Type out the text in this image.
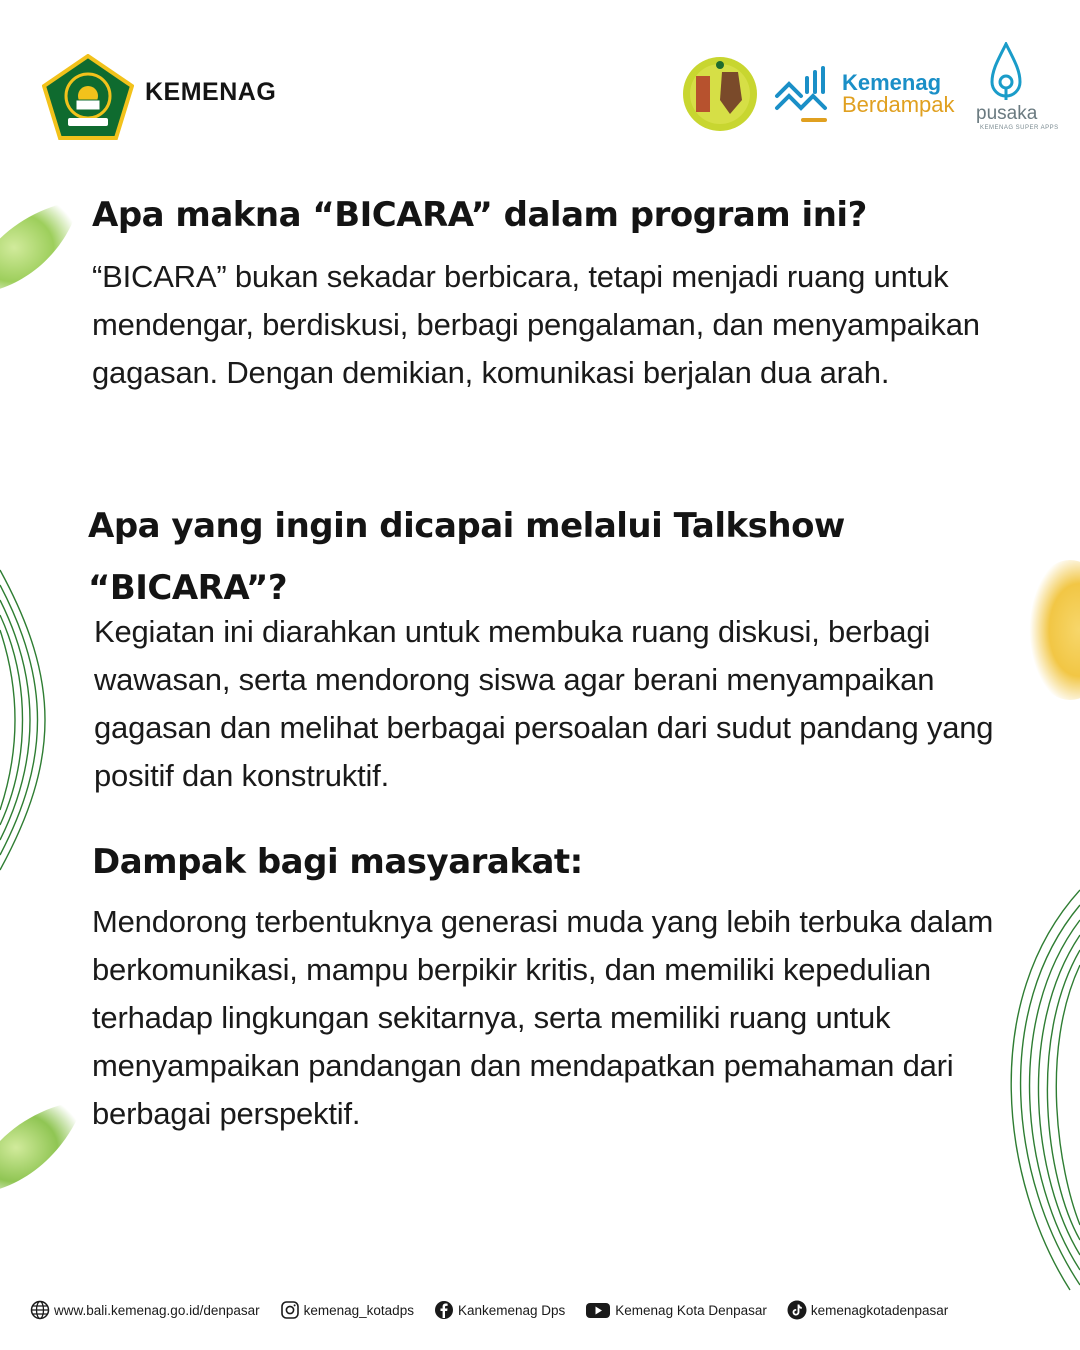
KEMENAG	Kemenag
Berdampak pusaka
KEMENAG SUPER APPS
Apa makna “BICARA” dalam program ini?
“BICARA” bukan sekadar berbicara, tetapi menjadi ruang untuk mendengar, berdiskusi, berbagi pengalaman, dan menyampaikan gagasan. Dengan demikian, komunikasi berjalan dua arah.
Apa yang ingin dicapai melalui Talkshow “BICARA”?
Kegiatan ini diarahkan untuk membuka ruang diskusi, berbagi wawasan, serta mendorong siswa agar berani menyampaikan gagasan dan melihat berbagai persoalan dari sudut pandang yang positif dan konstruktif.
Dampak bagi masyarakat:
Mendorong terbentuknya generasi muda yang lebih terbuka dalam berkomunikasi, mampu berpikir kritis, dan memiliki kepedulian terhadap lingkungan sekitarnya, serta memiliki ruang untuk menyampaikan pandangan dan mendapatkan pemahaman dari berbagai perspektif.
www.bali.kemenag.go.id/denpasar	kemenag_kotadps	Kankemenag Dps	Kemenag Kota Denpasar	kemenagkotadenpasar
